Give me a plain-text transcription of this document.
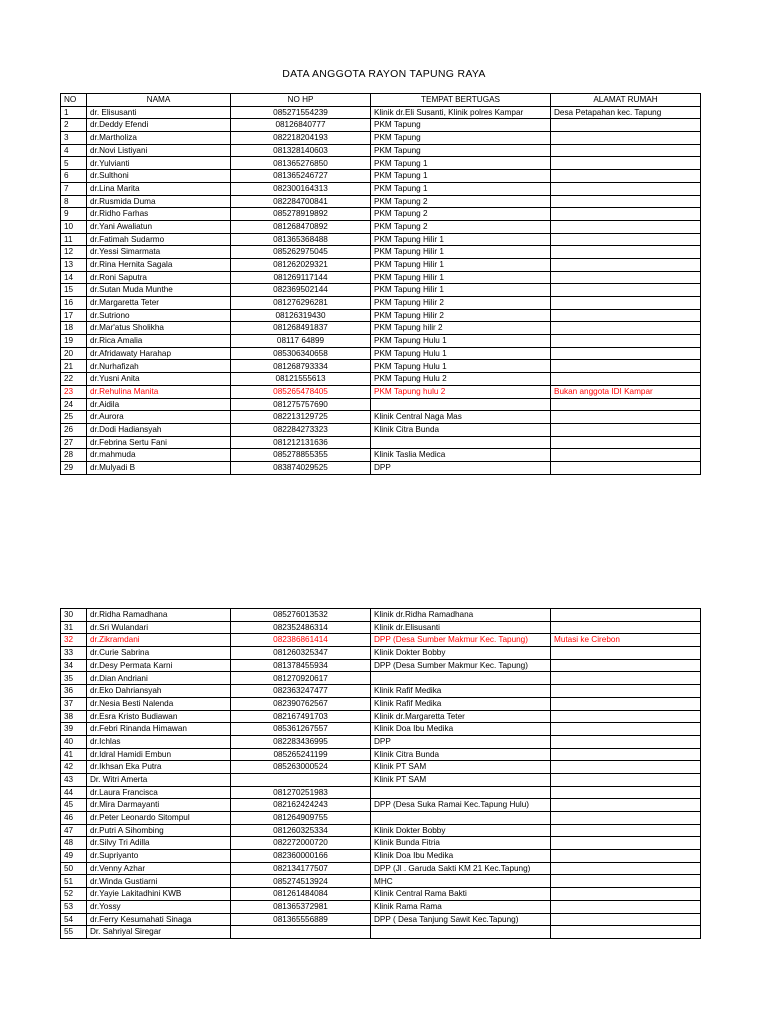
DATA ANGGOTA RAYON TAPUNG RAYA
NO	NAMA	NO HP	TEMPAT BERTUGAS	ALAMAT RUMAH
1	dr. Elisusanti	085271554239	Klinik dr.Eli Susanti, Klinik polres Kampar	Desa Petapahan kec. Tapung
2	dr.Deddy Efendi	08126840777	PKM Tapung	
3	dr.Martholiza	082218204193	PKM Tapung	
4	dr.Novi Listiyani	081328140603	PKM Tapung	
5	dr.Yulvianti	081365276850	PKM Tapung 1	
6	dr.Sulthoni	081365246727	PKM Tapung 1	
7	dr.Lina Marita	082300164313	PKM Tapung 1	
8	dr.Rusmida Duma	082284700841	PKM Tapung 2	
9	dr.Ridho Farhas	085278919892	PKM Tapung 2	
10	dr.Yani Awaliatun	081268470892	PKM Tapung 2	
11	dr.Fatimah Sudarmo	081365368488	PKM Tapung Hilir 1	
12	dr.Yessi Simarmata	085262975045	PKM Tapung Hilir 1	
13	dr.Rina Hernita Sagala	081262029321	PKM Tapung Hilir 1	
14	dr.Roni Saputra	081269117144	PKM Tapung Hilir 1	
15	dr.Sutan Muda Munthe	082369502144	PKM Tapung Hilir 1	
16	dr.Margaretta Teter	081276296281	PKM Tapung Hilir 2	
17	dr.Sutriono	08126319430	PKM Tapung Hilir 2	
18	dr.Mar'atus Sholikha	081268491837	PKM Tapung hilir 2	
19	dr.Rica Amalia	08117 64899	PKM Tapung Hulu 1	
20	dr.Afridawaty Harahap	085306340658	PKM Tapung Hulu 1	
21	dr.Nurhafizah	081268793334	PKM Tapung Hulu 1	
22	dr.Yusni Anita	08121555613	PKM Tapung Hulu 2	
23	dr.Rehulina Manita	085265478405	PKM Tapung hulu 2	Bukan anggota IDI Kampar
24	dr.Aidila	081275757690		
25	dr.Aurora	082213129725	Klinik Central Naga Mas	
26	dr.Dodi Hadiansyah	082284273323	Klinik Citra Bunda	
27	dr.Febrina Sertu Fani	081212131636		
28	dr.mahmuda	085278855355	Klinik Taslia Medica	
29	dr.Mulyadi B	083874029525	DPP	
30	dr.Ridha Ramadhana	085276013532	Klinik dr.Ridha Ramadhana	
31	dr.Sri Wulandari	082352486314	Klinik dr.Elisusanti	
32	dr.Zikramdani	082386861414	DPP (Desa Sumber Makmur Kec. Tapung)	Mutasi ke Cirebon
33	dr.Curie Sabrina	081260325347	Klinik Dokter Bobby	
34	dr.Desy Permata Karni	081378455934	DPP (Desa Sumber Makmur Kec. Tapung)	
35	dr.Dian Andriani	081270920617		
36	dr.Eko Dahriansyah	082363247477	Klinik Rafif Medika	
37	dr.Nesia Besti Nalenda	082390762567	Klinik Rafif Medika	
38	dr.Esra Kristo Budiawan	082167491703	Klinik dr.Margaretta Teter	
39	dr.Febri Rinanda Himawan	085361267557	Klinik Doa Ibu Medika	
40	dr.Ichlas	082283436995	DPP	
41	dr.Idral Hamidi Embun	085265241199	Klinik Citra Bunda	
42	dr.Ikhsan Eka Putra	085263000524	Klinik PT SAM	
43	Dr. Witri Amerta		Klinik PT SAM	
44	dr.Laura Francisca	081270251983		
45	dr.Mira Darmayanti	082162424243	DPP (Desa Suka Ramai Kec.Tapung Hulu)	
46	dr.Peter Leonardo Sitompul	081264909755		
47	dr.Putri A Sihombing	081260325334	Klinik Dokter Bobby	
48	dr.Silvy Tri Adilla	082272000720	Klinik Bunda Fitria	
49	dr.Supriyanto	082360000166	Klinik Doa Ibu Medika	
50	dr.Venny Azhar	082134177507	DPP (Jl . Garuda Sakti KM 21 Kec.Tapung)	
51	dr.Winda Gustiarni	085274513924	MHC	
52	dr.Yayie Lakitadhini KWB	081261484084	Klinik Central Rama Bakti	
53	dr.Yossy	081365372981	Klinik Rama Rama	
54	dr.Ferry Kesumahati Sinaga	081365556889	DPP ( Desa Tanjung Sawit Kec.Tapung)	
55	Dr. Sahriyal Siregar			
